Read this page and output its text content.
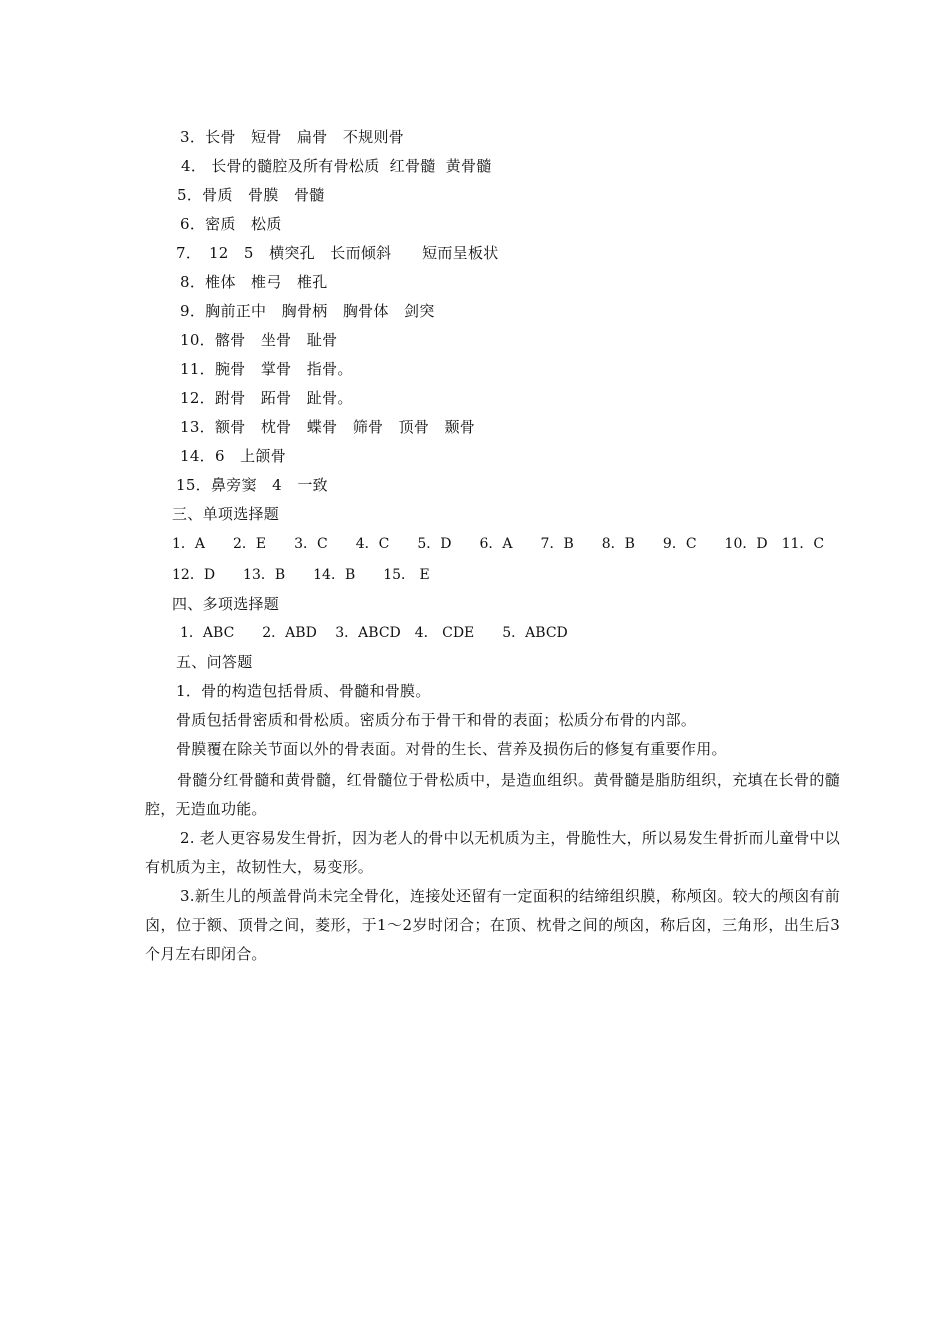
3．长骨　短骨　扁骨　不规则骨
4． 长骨的髓腔及所有骨松质  红骨髓  黄骨髓
5．骨质　骨膜　骨髓
6．密质　松质
7．　12　5　横突孔　长而倾斜　　短而呈板状
8．椎体　椎弓　椎孔
9．胸前正中　胸骨柄　胸骨体　剑突
10．髂骨　坐骨　耻骨
11．腕骨　掌骨　指骨。
12．跗骨　跖骨　趾骨。
13．额骨　枕骨　蝶骨　筛骨　顶骨　颞骨
14．6　上颌骨
15．鼻旁窦　4　一致
三、单项选择题
1．A　　2．E　　3．C　　4．C　　5．D　　6．A　　7．B　　8．B　　9．C　　10．D　11．C
12．D　　13．B　　14．B　　15． E
四、多项选择题
1．ABC　　2．ABD　 3．ABCD　4． CDE　　5．ABCD
五、问答题
1．骨的构造包括骨质、骨髓和骨膜。
骨质包括骨密质和骨松质。密质分布于骨干和骨的表面；松质分布骨的内部。
骨膜覆在除关节面以外的骨表面。对骨的生长、营养及损伤后的修复有重要作用。
骨髓分红骨髓和黄骨髓，红骨髓位于骨松质中，是造血组织。黄骨髓是脂肪组织，充填在长骨的髓腔，无造血功能。
2. 老人更容易发生骨折，因为老人的骨中以无机质为主，骨脆性大，所以易发生骨折而儿童骨中以有机质为主，故韧性大，易变形。
3.新生儿的颅盖骨尚未完全骨化，连接处还留有一定面积的结缔组织膜，称颅囟。较大的颅囟有前囟，位于额、顶骨之间，菱形，于1～2岁时闭合；在顶、枕骨之间的颅囟，称后囟，三角形，出生后3个月左右即闭合。
